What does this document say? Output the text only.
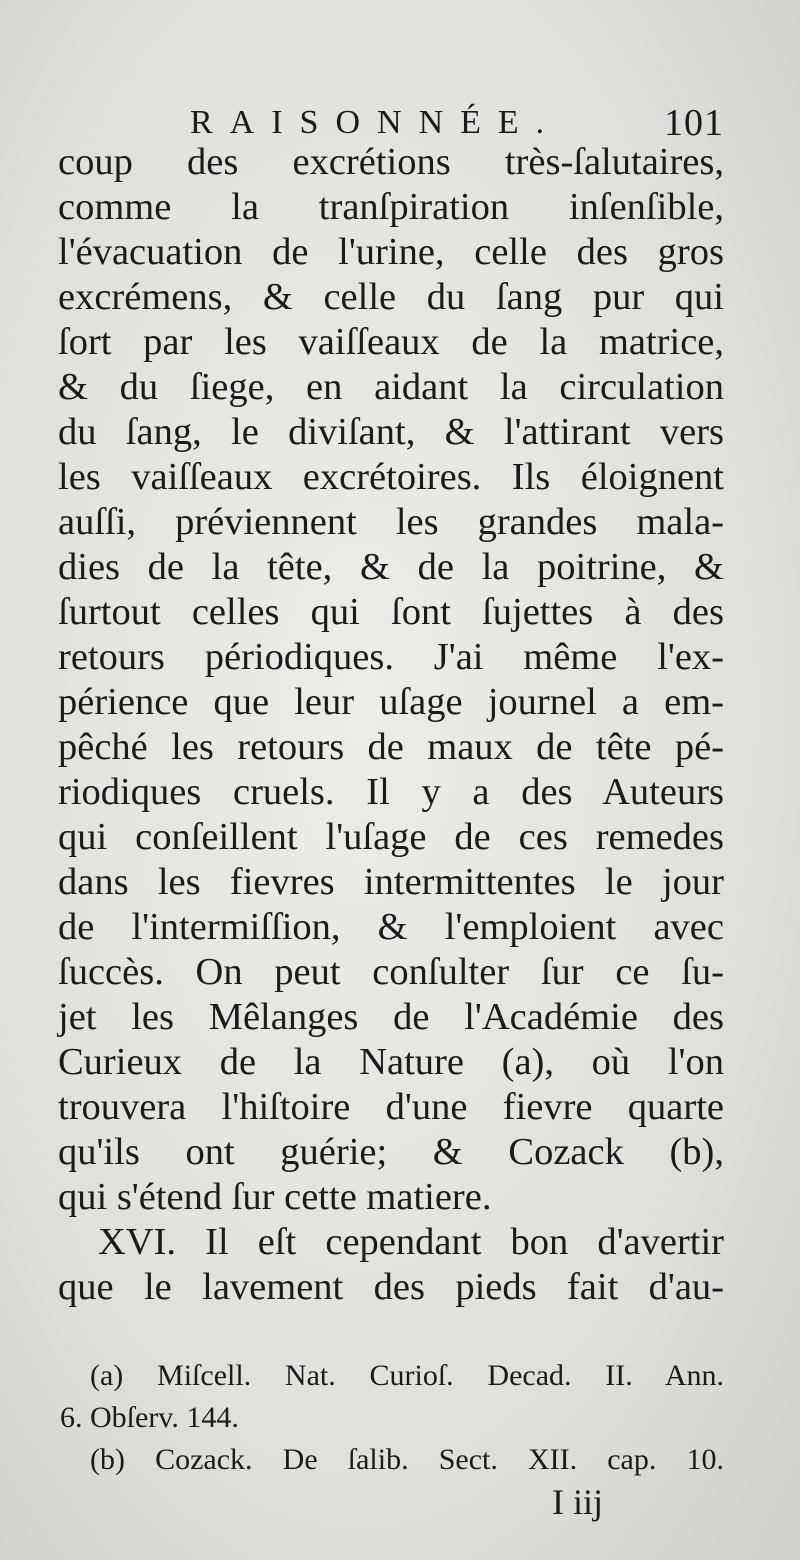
RAISONNÉE.	101
coup des excrétions très-ſalutaires,
comme la tranſpiration inſenſible,
l'évacuation de l'urine, celle des gros
excrémens, & celle du ſang pur qui
ſort par les vaiſſeaux de la matrice,
& du ſiege, en aidant la circulation
du ſang, le diviſant, & l'attirant vers
les vaiſſeaux excrétoires. Ils éloignent
auſſi, préviennent les grandes mala-
dies de la tête, & de la poitrine, &
ſurtout celles qui ſont ſujettes à des
retours périodiques. J'ai même l'ex-
périence que leur uſage journel a em-
pêché les retours de maux de tête pé-
riodiques cruels. Il y a des Auteurs
qui conſeillent l'uſage de ces remedes
dans les fievres intermittentes le jour
de l'intermiſſion, & l'emploient avec
ſuccès. On peut conſulter ſur ce ſu-
jet les Mêlanges de l'Académie des
Curieux de la Nature (a), où l'on
trouvera l'hiſtoire d'une fievre quarte
qu'ils ont guérie; & Cozack (b),
qui s'étend ſur cette matiere.
XVI. Il eſt cependant bon d'avertir
que le lavement des pieds fait d'au-
(a) Miſcell. Nat. Curioſ. Decad. II. Ann.
6. Obſerv. 144.
(b) Cozack. De ſalib. Sect. XII. cap. 10.
I iij
